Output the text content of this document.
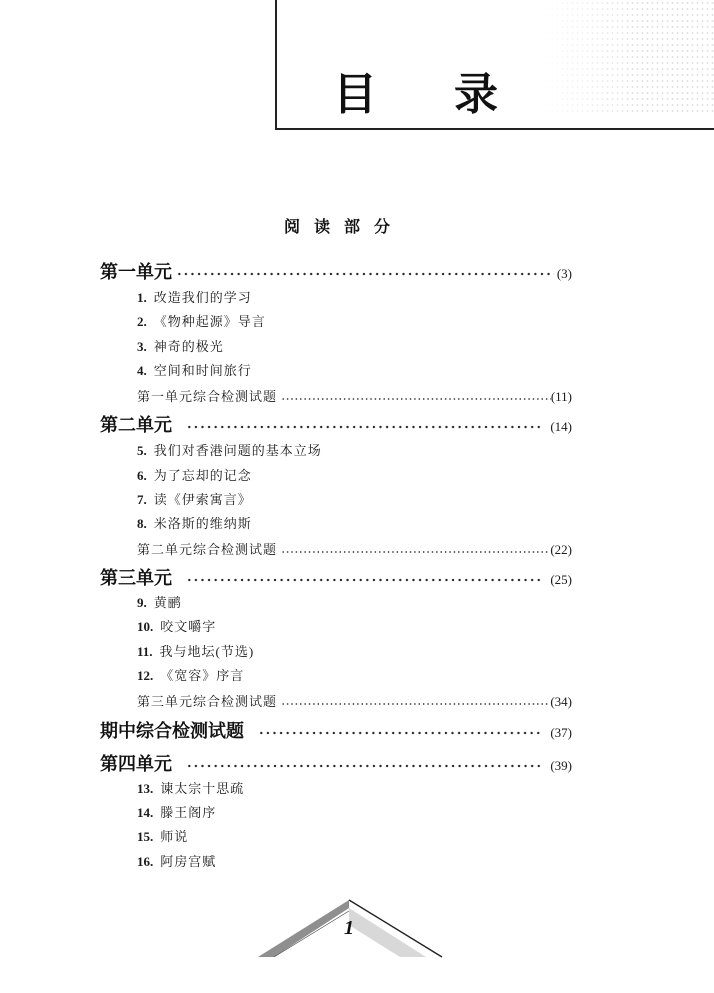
目 录
阅读部分
第一单元	(3)
1. 改造我们的学习
2. 《物种起源》导言
3. 神奇的极光
4. 空间和时间旅行
第一单元综合检测试题	(11)
第二单元	(14)
5. 我们对香港问题的基本立场
6. 为了忘却的记念
7. 读《伊索寓言》
8. 米洛斯的维纳斯
第二单元综合检测试题	(22)
第三单元	(25)
9. 黄鹂
10. 咬文嚼字
11. 我与地坛(节选)
12. 《宽容》序言
第三单元综合检测试题	(34)
期中综合检测试题	(37)
第四单元	(39)
13. 谏太宗十思疏
14. 滕王阁序
15. 师说
16. 阿房宫赋
1
